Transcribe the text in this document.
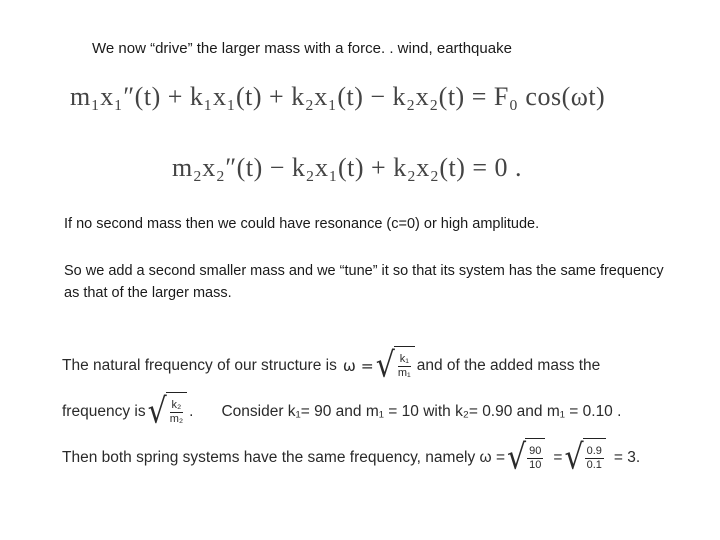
We now “drive” the larger mass with a force. . wind, earthquake
m₁x₁″(t) + k₁x₁(t) + k₂x₁(t) − k₂x₂(t) = F₀ cos(ωt)
m₂x₂″(t) − k₂x₁(t) + k₂x₂(t) = 0 .
If no second mass then we could have resonance (c=0) or high amplitude.
So we add a second smaller mass and we “tune” it so that its system has the same frequency as that of the larger mass.
The natural frequency of our structure is ω = √ $\frac{\text{k₁}}{\text{m₁}}$ and of the added mass the
frequency is √ $\frac{\text{k₂}}{\text{m₂}}$ . Consider k₁= 90 and m₁ = 10 with k₂= 0.90 and m₁ = 0.10 .
Then both spring systems have the same frequency, namely ω = √ $\frac{90}{10}$ = √ $\frac{0.9}{0.1} = 3$.
